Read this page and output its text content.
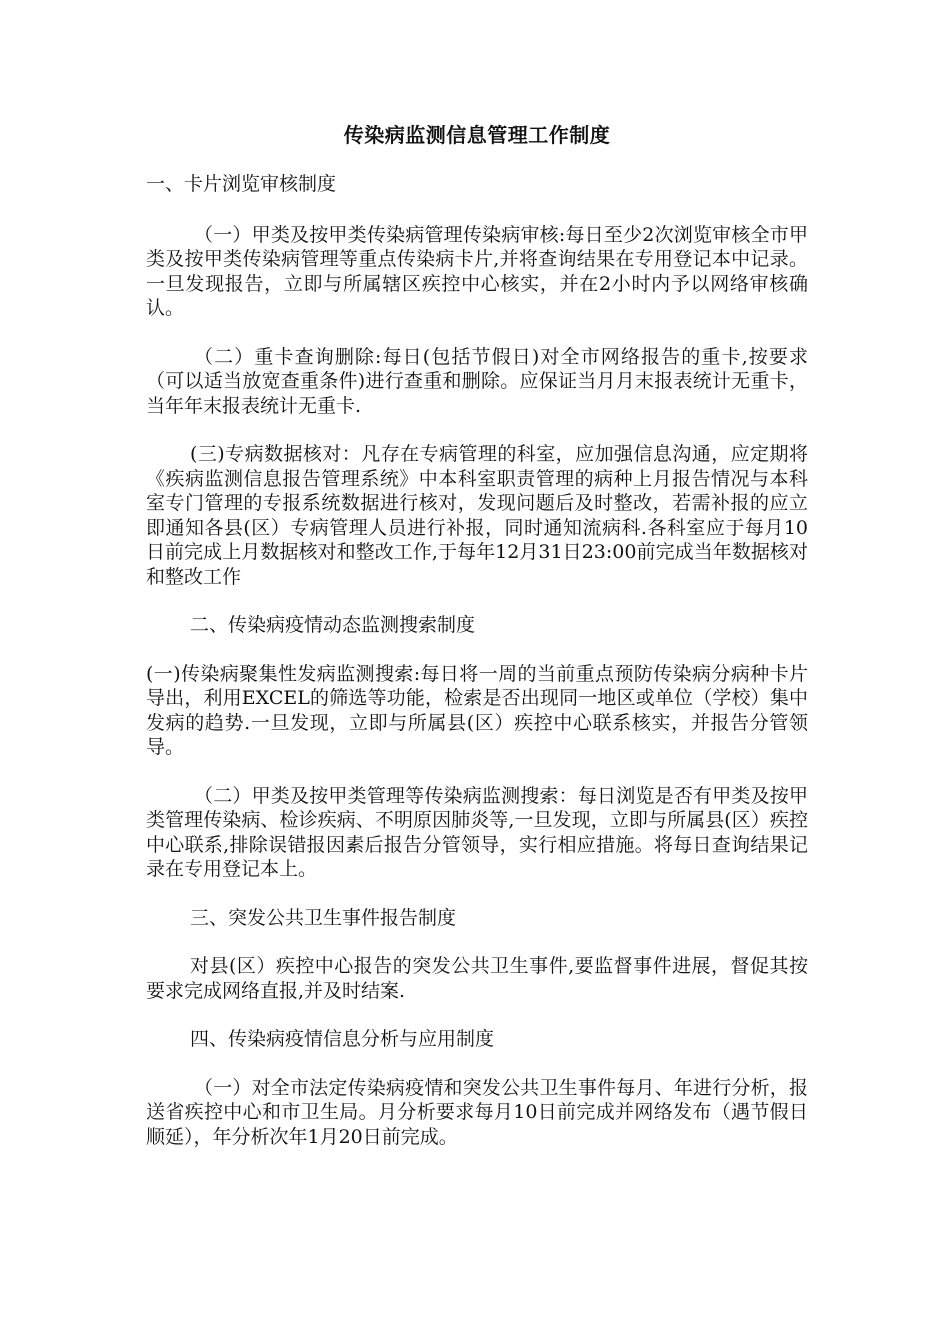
传染病监测信息管理工作制度
一、卡片浏览审核制度

（一）甲类及按甲类传染病管理传染病审核:每日至少2次浏览审核全市甲类及按甲类传染病管理等重点传染病卡片,并将查询结果在专用登记本中记录。一旦发现报告，立即与所属辖区疾控中心核实，并在2小时内予以网络审核确认。

（二）重卡查询删除:每日(包括节假日)对全市网络报告的重卡,按要求（可以适当放宽查重条件)进行查重和删除。应保证当月月末报表统计无重卡，当年年末报表统计无重卡.

(三)专病数据核对：凡存在专病管理的科室，应加强信息沟通，应定期将《疾病监测信息报告管理系统》中本科室职责管理的病种上月报告情况与本科室专门管理的专报系统数据进行核对，发现问题后及时整改，若需补报的应立即通知各县(区）专病管理人员进行补报，同时通知流病科.各科室应于每月10日前完成上月数据核对和整改工作,于每年12月31日23:00前完成当年数据核对和整改工作

二、传染病疫情动态监测搜索制度

(一)传染病聚集性发病监测搜索:每日将一周的当前重点预防传染病分病种卡片导出，利用EXCEL的筛选等功能，检索是否出现同一地区或单位（学校）集中发病的趋势.一旦发现，立即与所属县(区）疾控中心联系核实，并报告分管领导。

（二）甲类及按甲类管理等传染病监测搜索：每日浏览是否有甲类及按甲类管理传染病、检诊疾病、不明原因肺炎等,一旦发现，立即与所属县(区）疾控中心联系,排除误错报因素后报告分管领导，实行相应措施。将每日查询结果记录在专用登记本上。

三、突发公共卫生事件报告制度

对县(区）疾控中心报告的突发公共卫生事件,要监督事件进展，督促其按要求完成网络直报,并及时结案.

四、传染病疫情信息分析与应用制度

（一）对全市法定传染病疫情和突发公共卫生事件每月、年进行分析，报送省疾控中心和市卫生局。月分析要求每月10日前完成并网络发布（遇节假日顺延），年分析次年1月20日前完成。
